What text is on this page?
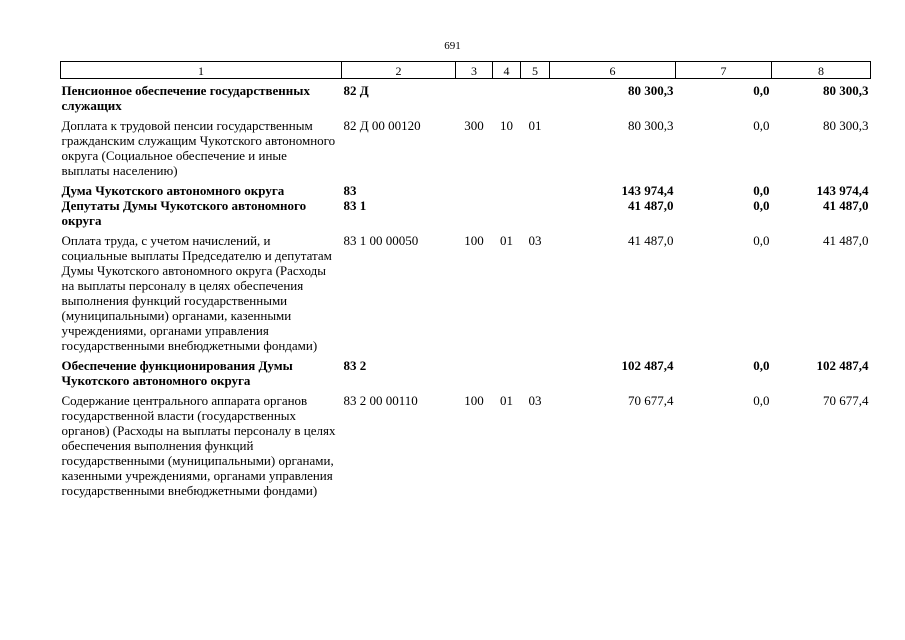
691
1	2	3	4	5	6	7	8
Пенсионное обеспечение государственных служащих	82 Д				80 300,3	0,0	80 300,3
Доплата к трудовой пенсии государственным гражданским служащим Чукотского автономного округа (Социальное обеспечение и иные выплаты населению)	82 Д 00 00120	300	10	01	80 300,3	0,0	80 300,3
Дума Чукотского автономного округа	83				143 974,4	0,0	143 974,4
Депутаты Думы Чукотского автономного округа	83 1				41 487,0	0,0	41 487,0
Оплата труда, с учетом начислений, и социальные выплаты Председателю и депутатам Думы Чукотского автономного округа (Расходы на выплаты персоналу в целях обеспечения выполнения функций государственными (муниципальными) органами, казенными учреждениями, органами управления государственными внебюджетными фондами)	83 1 00 00050	100	01	03	41 487,0	0,0	41 487,0
Обеспечение функционирования Думы Чукотского автономного округа	83 2				102 487,4	0,0	102 487,4
Содержание центрального аппарата органов государственной власти (государственных органов) (Расходы на выплаты персоналу в целях обеспечения выполнения функций государственными (муниципальными) органами, казенными учреждениями, органами управления государственными внебюджетными фондами)	83 2 00 00110	100	01	03	70 677,4	0,0	70 677,4
